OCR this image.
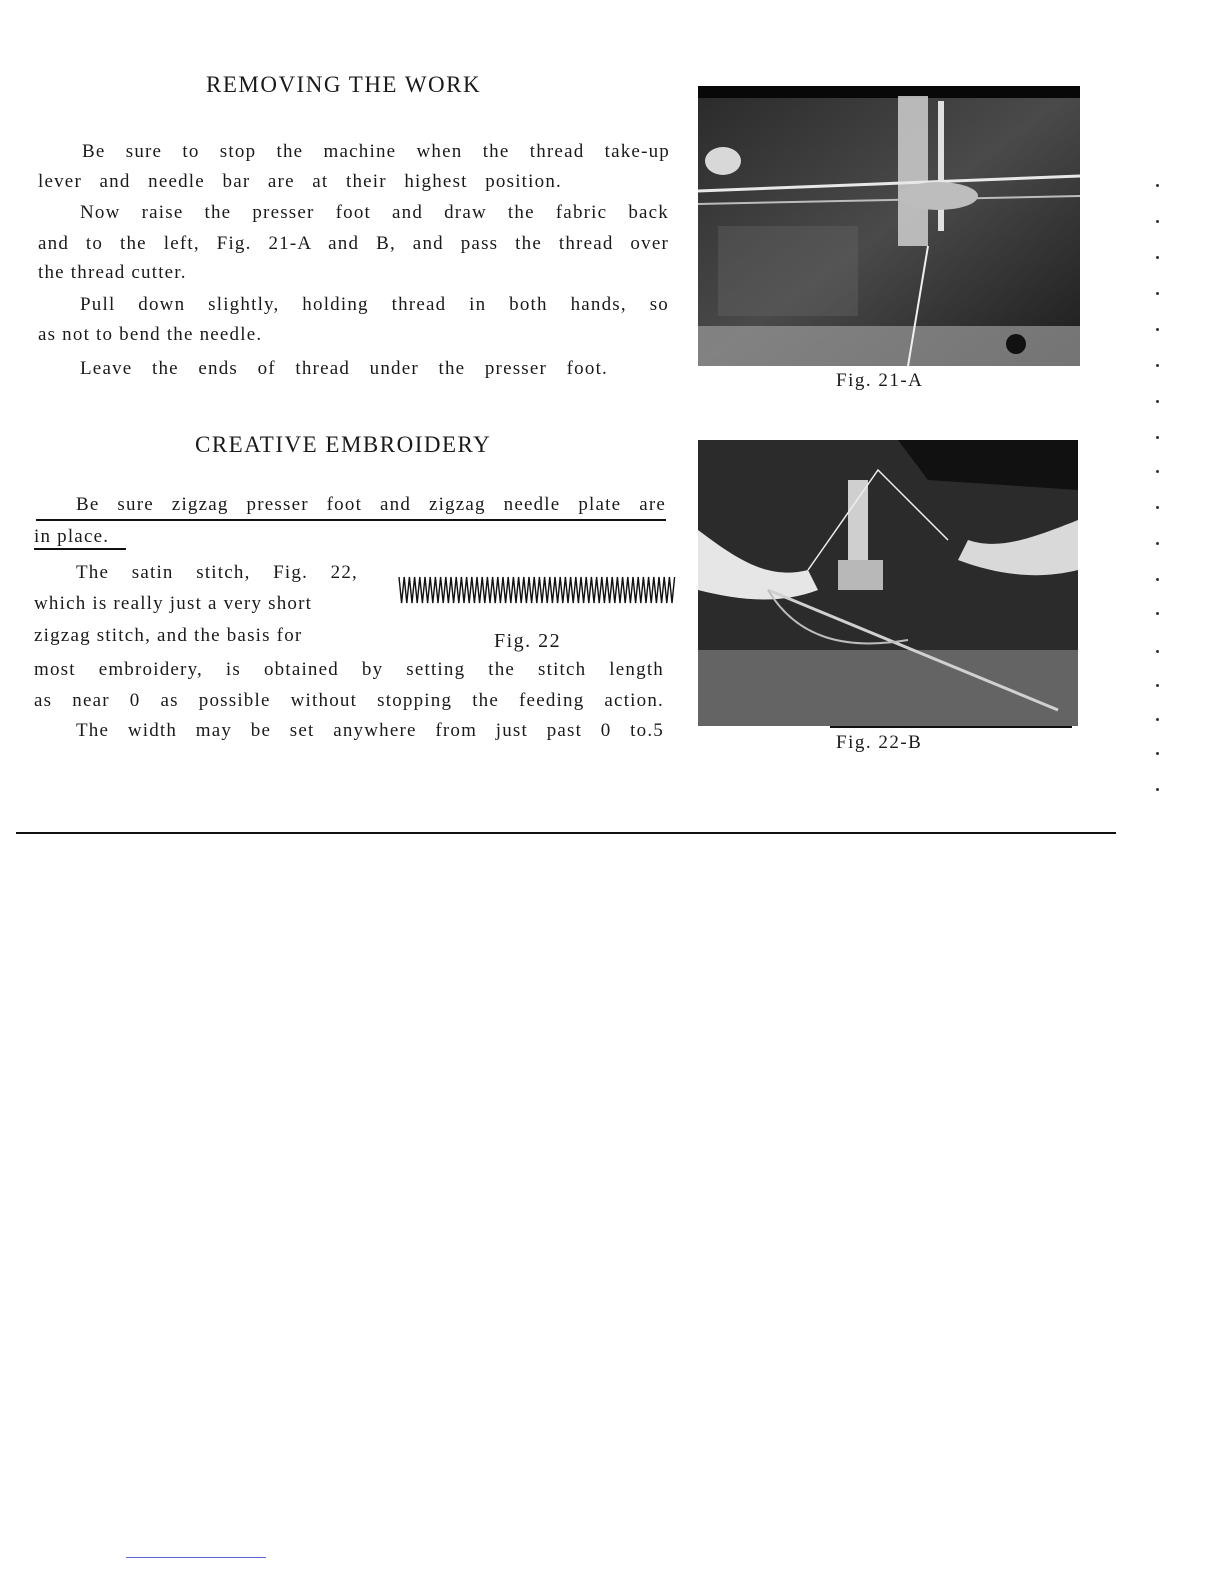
REMOVING THE WORK
Be sure to stop the machine when the thread take-up
lever and needle bar are at their highest position.
Now raise the presser foot and draw the fabric back
and to the left, Fig. 21-A and B, and pass the thread over
the thread cutter.
Pull down slightly, holding thread in both hands, so
as not to bend the needle.
Leave the ends of thread under the presser foot.
Fig. 21-A
CREATIVE EMBROIDERY
Be sure zigzag presser foot and zigzag needle plate are
in place.
The satin stitch, Fig. 22,
which is really just a very short
zigzag stitch, and the basis for	Fig. 22
most embroidery, is obtained by setting the stitch length
as near 0 as possible without stopping the feeding action.
The width may be set anywhere from just past 0 to.5
Fig. 22-B
